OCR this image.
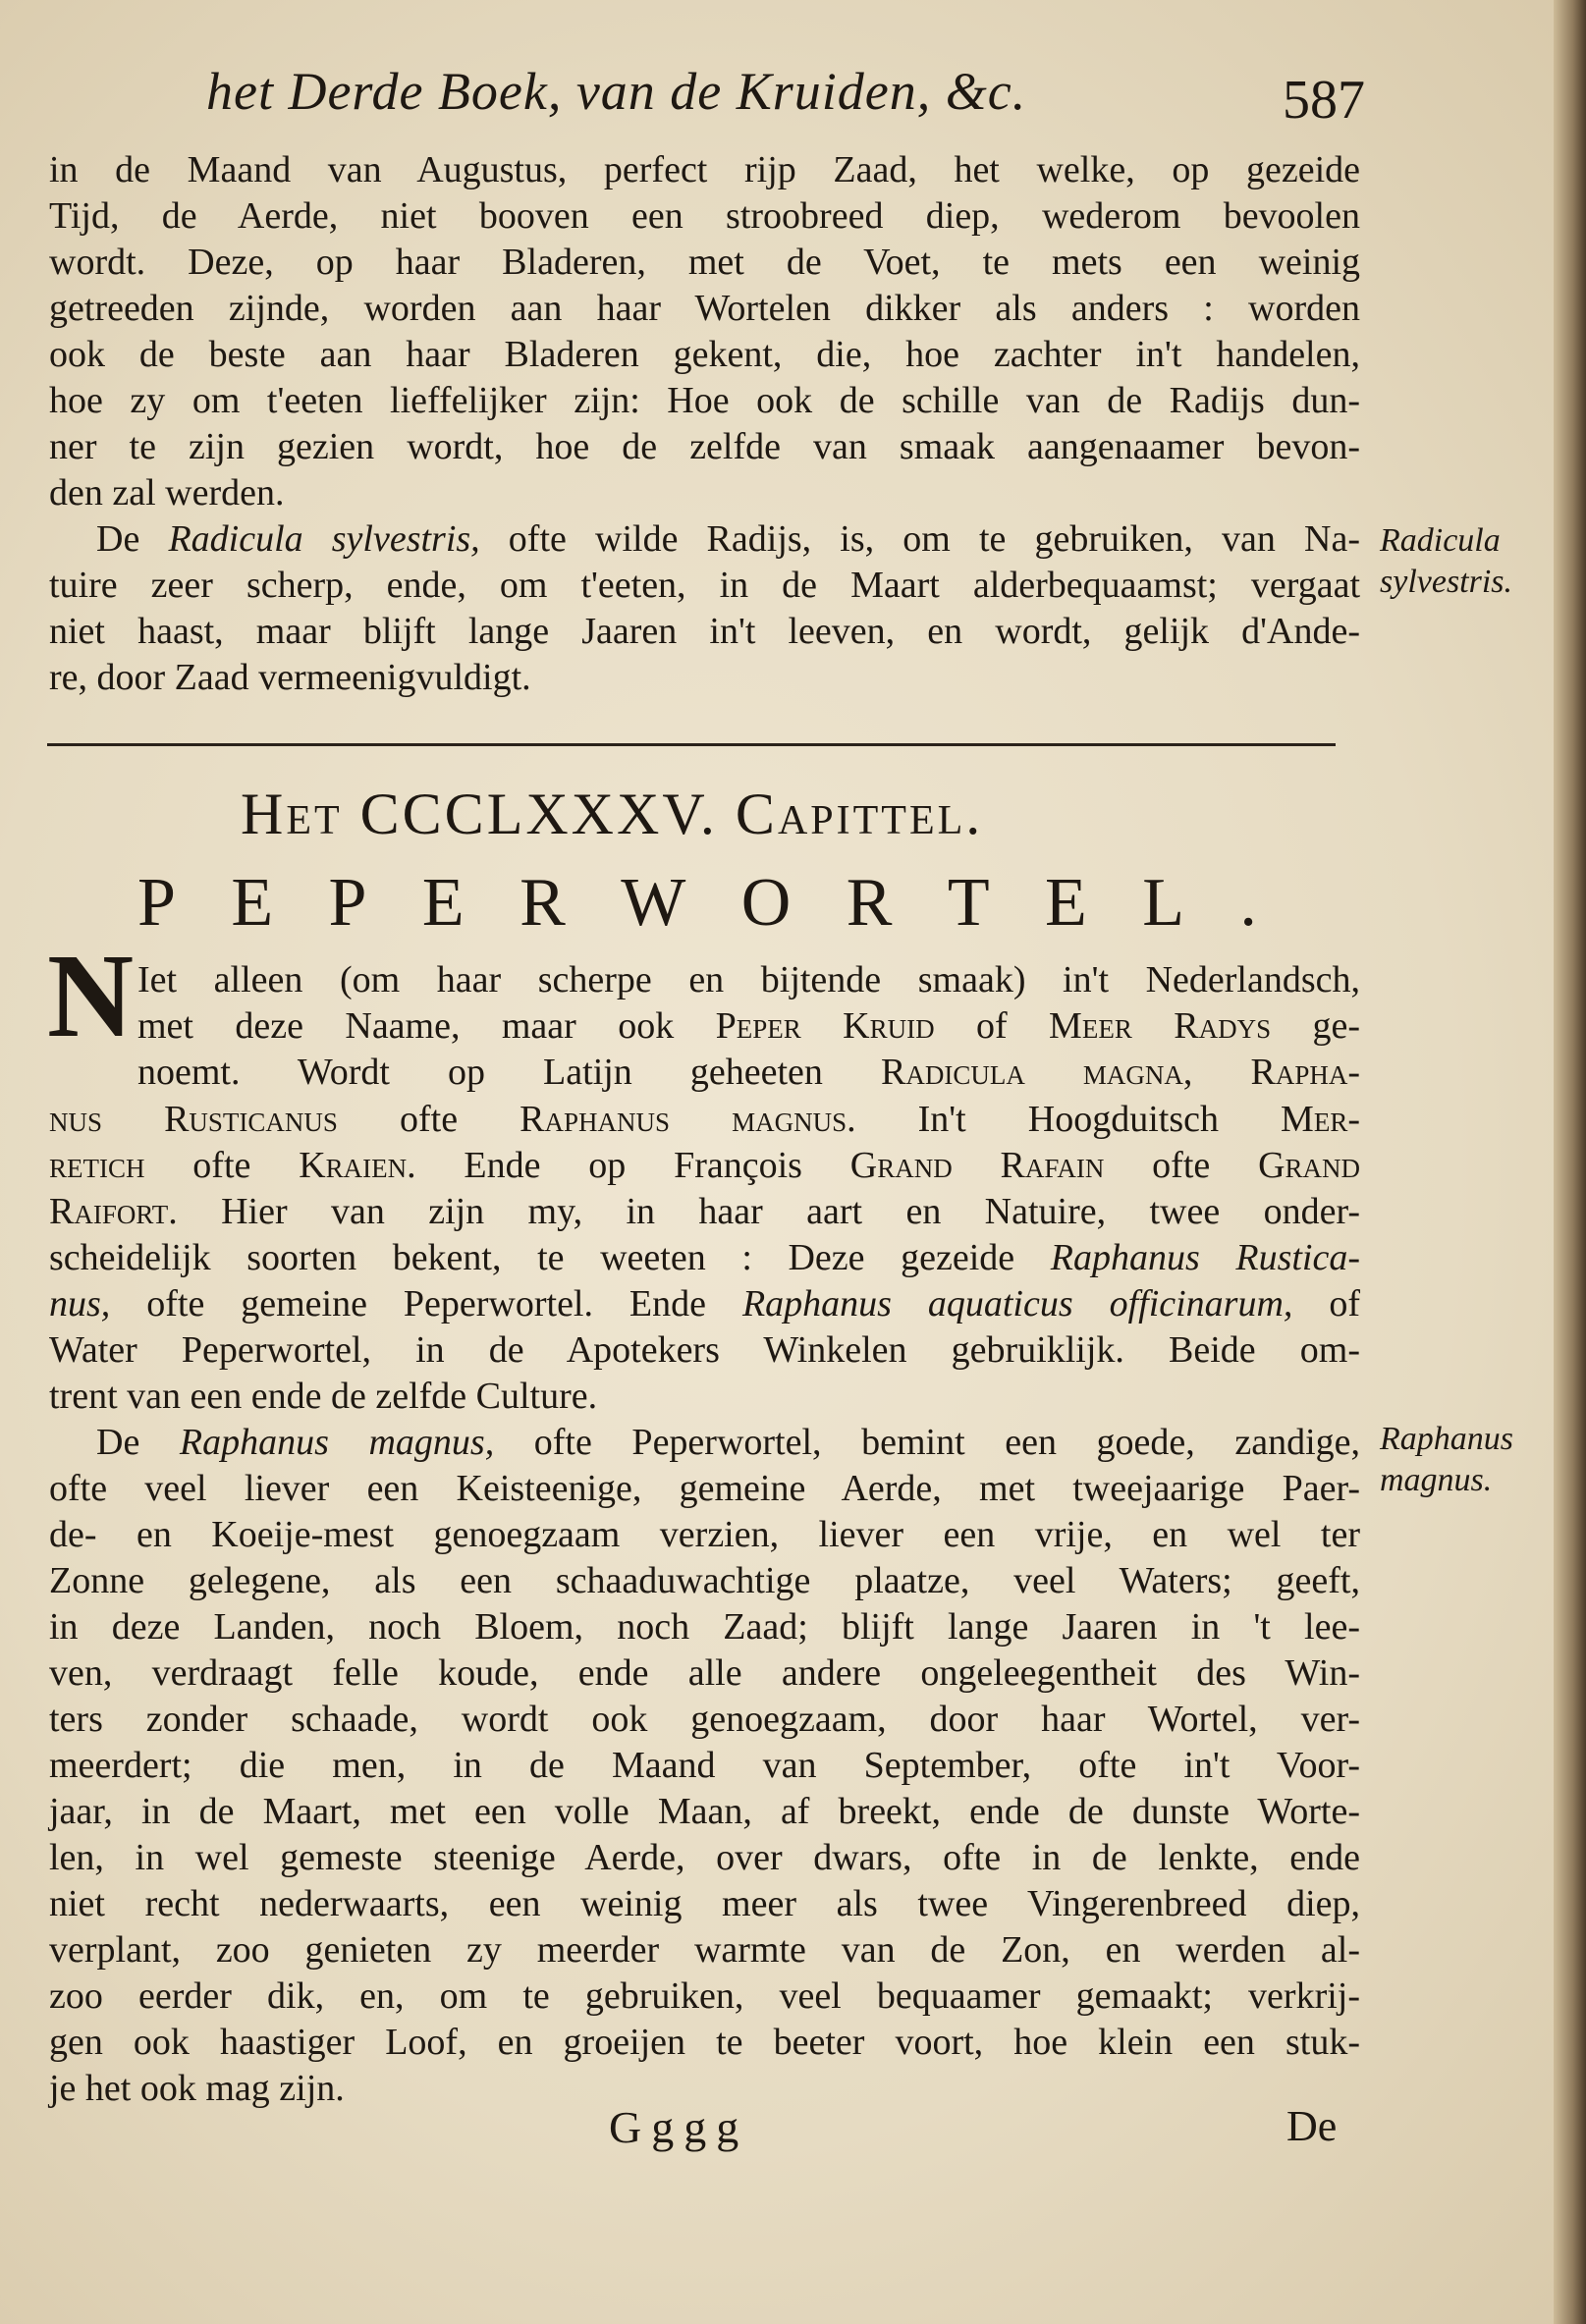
het Derde Boek, van de Kruiden, &c.	587
in de Maand van Augustus, perfect rijp Zaad, het welke, op gezeide
Tijd, de Aerde, niet booven een stroobreed diep, wederom bevoolen
wordt. Deze, op haar Bladeren, met de Voet, te mets een weinig
getreeden zijnde, worden aan haar Wortelen dikker als anders : worden
ook de beste aan haar Bladeren gekent, die, hoe zachter in't handelen,
hoe zy om t'eeten lieffelijker zijn: Hoe ook de schille van de Radijs dun-
ner te zijn gezien wordt, hoe de zelfde van smaak aangenaamer bevon-
den zal werden.
De Radicula sylvestris, ofte wilde Radijs, is, om te gebruiken, van Na-
tuire zeer scherp, ende, om t'eeten, in de Maart alderbequaamst; vergaat
niet haast, maar blijft lange Jaaren in't leeven, en wordt, gelijk d'Ande-
re, door Zaad vermeenigvuldigt.
Radicula sylvestris.
Het CCCLXXXV. Capittel.
P E P E R W O R T E L .
N Iet alleen (om haar scherpe en bijtende smaak) in't Nederlandsch,
met deze Naame, maar ook Peper Kruid of Meer Radys ge-
noemt. Wordt op Latijn geheeten Radicula magna, Rapha-
nus Rusticanus ofte Raphanus magnus. In't Hoogduitsch Mer-
retich ofte Kraien. Ende op François Grand Rafain ofte Grand
Raifort. Hier van zijn my, in haar aart en Natuire, twee onder-
scheidelijk soorten bekent, te weeten : Deze gezeide Raphanus Rustica-
nus, ofte gemeine Peperwortel. Ende Raphanus aquaticus officinarum, of
Water Peperwortel, in de Apotekers Winkelen gebruiklijk. Beide om-
trent van een ende de zelfde Culture.
De Raphanus magnus, ofte Peperwortel, bemint een goede, zandige,
ofte veel liever een Keisteenige, gemeine Aerde, met tweejaarige Paer-
de- en Koeije-mest genoegzaam verzien, liever een vrije, en wel ter
Zonne gelegene, als een schaaduwachtige plaatze, veel Waters; geeft,
in deze Landen, noch Bloem, noch Zaad; blijft lange Jaaren in 't lee-
ven, verdraagt felle koude, ende alle andere ongeleegentheit des Win-
ters zonder schaade, wordt ook genoegzaam, door haar Wortel, ver-
meerdert; die men, in de Maand van September, ofte in't Voor-
jaar, in de Maart, met een volle Maan, af breekt, ende de dunste Worte-
len, in wel gemeste steenige Aerde, over dwars, ofte in de lenkte, ende
niet recht nederwaarts, een weinig meer als twee Vingerenbreed diep,
verplant, zoo genieten zy meerder warmte van de Zon, en werden al-
zoo eerder dik, en, om te gebruiken, veel bequaamer gemaakt; verkrij-
gen ook haastiger Loof, en groeijen te beeter voort, hoe klein een stuk-
je het ook mag zijn.
Raphanus magnus.
Gggg	De
